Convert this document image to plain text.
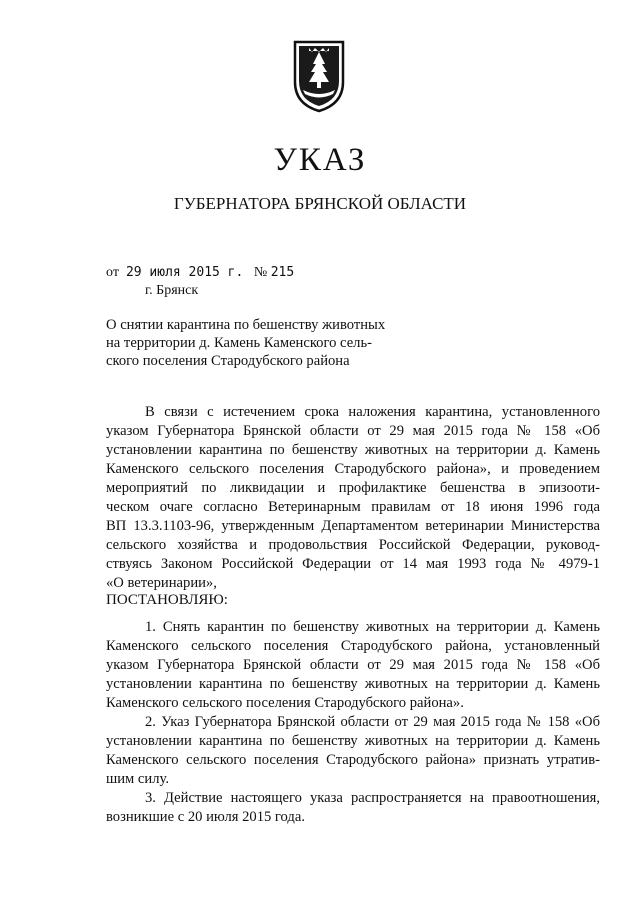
УКАЗ
ГУБЕРНАТОРА БРЯНСКОЙ ОБЛАСТИ
от 29 июля 2015 г. № 215
г. Брянск
О снятии карантина по бешенству животных
на территории д. Камень Каменского сель-
ского поселения Стародубского района
В связи с истечением срока наложения карантина, установленного
указом Губернатора Брянской области от 29 мая 2015 года № 158 «Об
установлении карантина по бешенству животных на территории д. Камень
Каменского сельского поселения Стародубского района», и проведением
мероприятий по ликвидации и профилактике бешенства в эпизооти-
ческом очаге согласно Ветеринарным правилам от 18 июня 1996 года
ВП 13.3.1103-96, утвержденным Департаментом ветеринарии Министерства
сельского хозяйства и продовольствия Российской Федерации, руковод-
ствуясь Законом Российской Федерации от 14 мая 1993 года № 4979-1
«О ветеринарии»,
ПОСТАНОВЛЯЮ:
1. Снять карантин по бешенству животных на территории д. Камень
Каменского сельского поселения Стародубского района, установленный
указом Губернатора Брянской области от 29 мая 2015 года № 158 «Об
установлении карантина по бешенству животных на территории д. Камень
Каменского сельского поселения Стародубского района».
2. Указ Губернатора Брянской области от 29 мая 2015 года № 158 «Об
установлении карантина по бешенству животных на территории д. Камень
Каменского сельского поселения Стародубского района» признать утратив-
шим силу.
3. Действие настоящего указа распространяется на правоотношения,
возникшие с 20 июля 2015 года.
